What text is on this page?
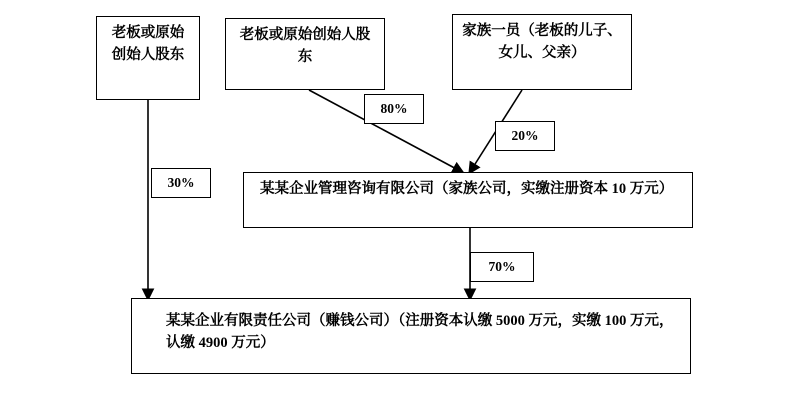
老板或原始创始人股东
老板或原始创始人股东
家族一员（老板的儿子、女儿、父亲）
某某企业管理咨询有限公司（家族公司，实缴注册资本 10 万元）
某某企业有限责任公司（赚钱公司）（注册资本认缴 5000 万元，实缴 100 万元，认缴 4900 万元）
80%
20%
30%
70%
